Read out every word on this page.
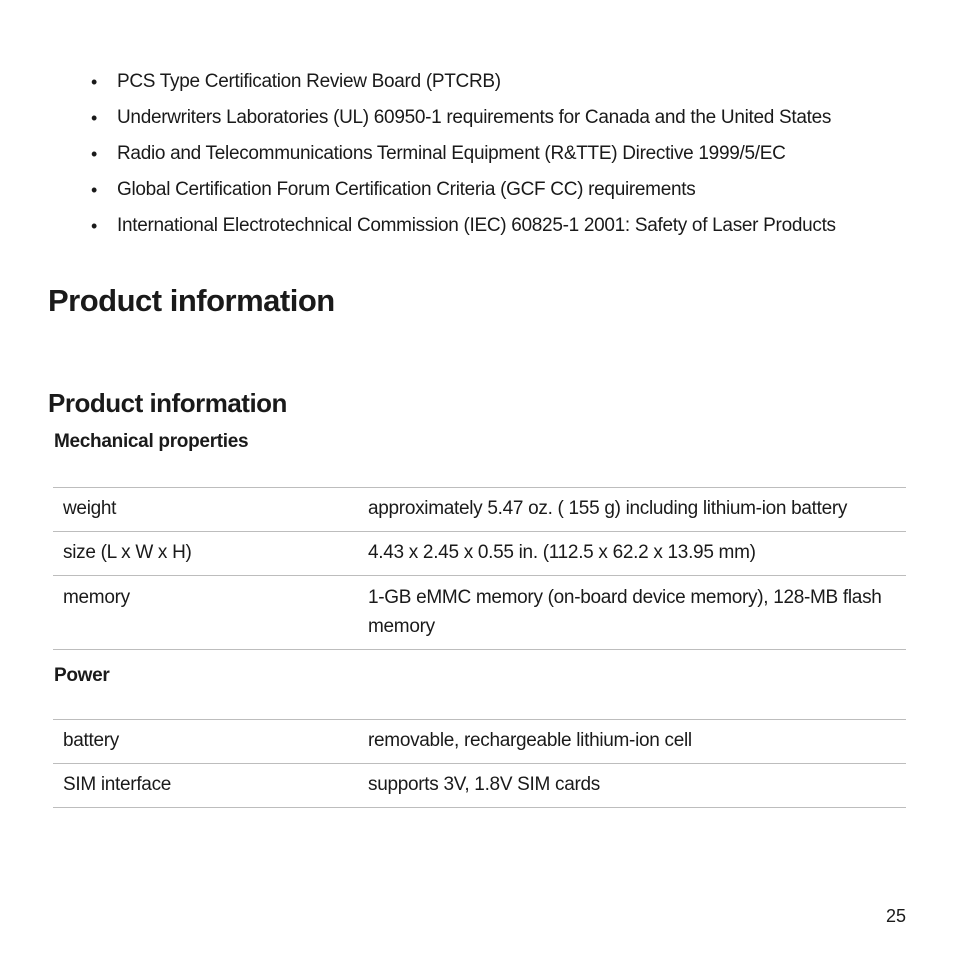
• PCS Type Certification Review Board (PTCRB)
• Underwriters Laboratories (UL) 60950-1 requirements for Canada and the United States
• Radio and Telecommunications Terminal Equipment (R&TTE) Directive 1999/5/EC
• Global Certification Forum Certification Criteria (GCF CC) requirements
• International Electrotechnical Commission (IEC) 60825-1 2001: Safety of Laser Products
Product information
Product information
Mechanical properties
weight	approximately 5.47 oz. ( 155 g) including lithium-ion battery
size (L x W x H)	4.43 x 2.45 x 0.55 in. (112.5 x 62.2 x 13.95 mm)
memory	1-GB eMMC memory (on-board device memory), 128-MB flash memory
Power
battery	removable, rechargeable lithium-ion cell
SIM interface	supports 3V, 1.8V SIM cards
25
